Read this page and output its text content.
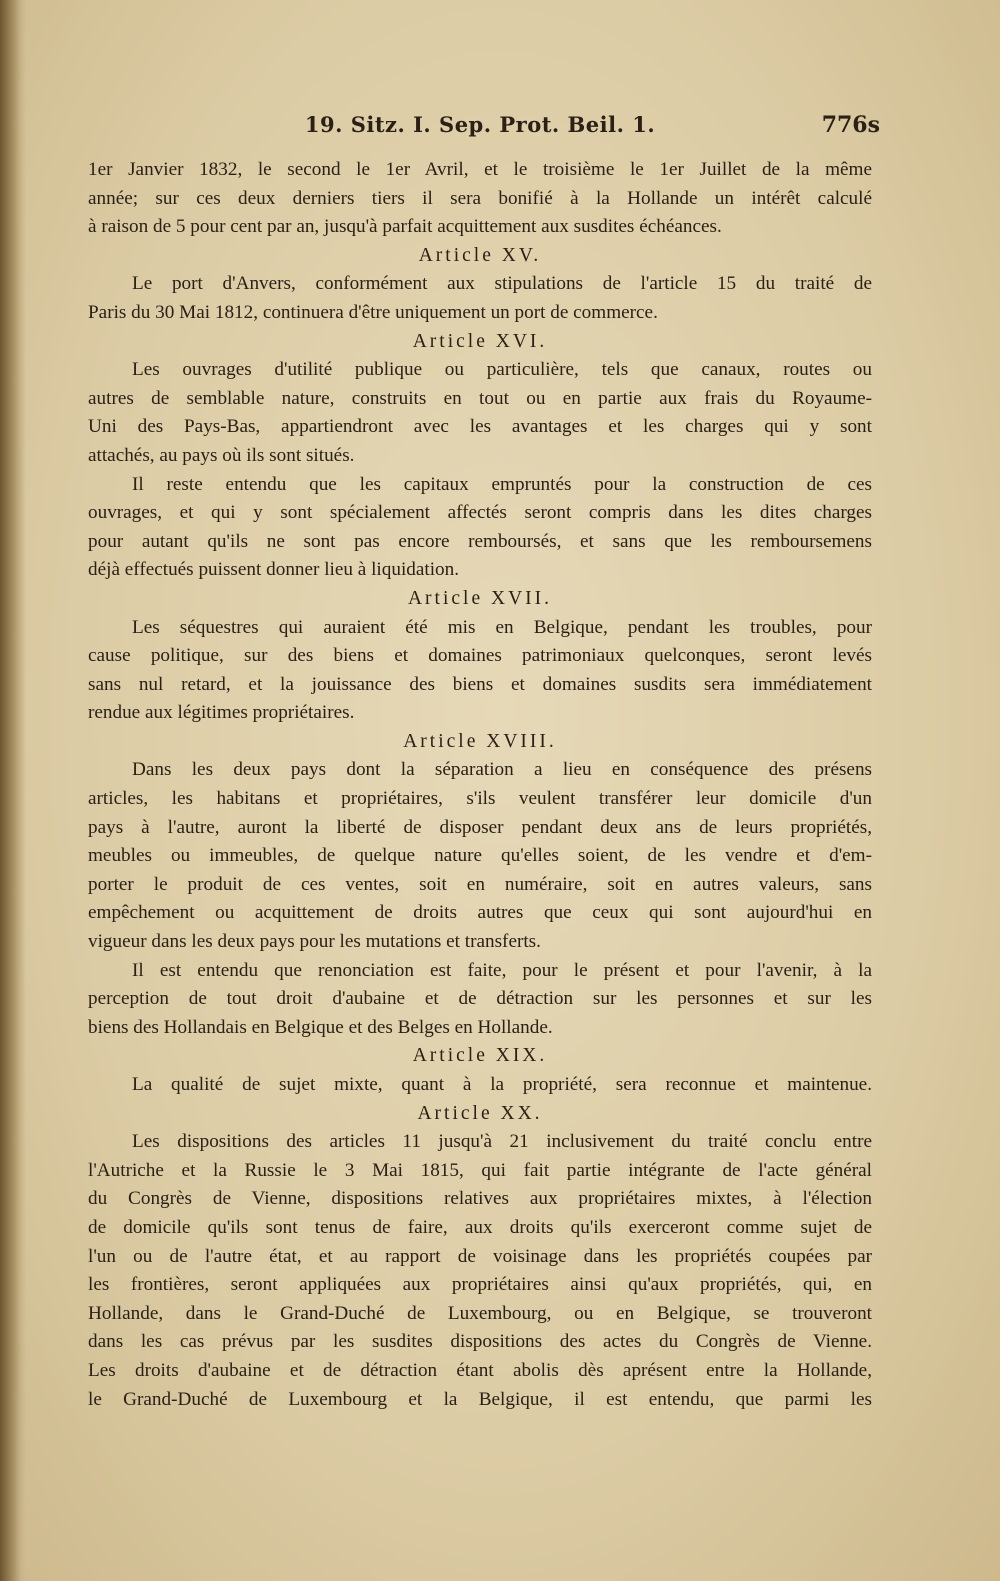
19. Sitz. I. Sep. Prot. Beil. 1.	776s
1er Janvier 1832, le second le 1er Avril, et le troisième le 1er Juillet de la même
année; sur ces deux derniers tiers il sera bonifié à la Hollande un intérêt calculé
à raison de 5 pour cent par an, jusqu'à parfait acquittement aux susdites échéances.
Article XV.
Le port d'Anvers, conformément aux stipulations de l'article 15 du traité de
Paris du 30 Mai 1812, continuera d'être uniquement un port de commerce.
Article XVI.
Les ouvrages d'utilité publique ou particulière, tels que canaux, routes ou
autres de semblable nature, construits en tout ou en partie aux frais du Royaume-
Uni des Pays-Bas, appartiendront avec les avantages et les charges qui y sont
attachés, au pays où ils sont situés.
Il reste entendu que les capitaux empruntés pour la construction de ces
ouvrages, et qui y sont spécialement affectés seront compris dans les dites charges
pour autant qu'ils ne sont pas encore remboursés, et sans que les remboursemens
déjà effectués puissent donner lieu à liquidation.
Article XVII.
Les séquestres qui auraient été mis en Belgique, pendant les troubles, pour
cause politique, sur des biens et domaines patrimoniaux quelconques, seront levés
sans nul retard, et la jouissance des biens et domaines susdits sera immédiatement
rendue aux légitimes propriétaires.
Article XVIII.
Dans les deux pays dont la séparation a lieu en conséquence des présens
articles, les habitans et propriétaires, s'ils veulent transférer leur domicile d'un
pays à l'autre, auront la liberté de disposer pendant deux ans de leurs propriétés,
meubles ou immeubles, de quelque nature qu'elles soient, de les vendre et d'em-
porter le produit de ces ventes, soit en numéraire, soit en autres valeurs, sans
empêchement ou acquittement de droits autres que ceux qui sont aujourd'hui en
vigueur dans les deux pays pour les mutations et transferts.
Il est entendu que renonciation est faite, pour le présent et pour l'avenir, à la
perception de tout droit d'aubaine et de détraction sur les personnes et sur les
biens des Hollandais en Belgique et des Belges en Hollande.
Article XIX.
La qualité de sujet mixte, quant à la propriété, sera reconnue et maintenue.
Article XX.
Les dispositions des articles 11 jusqu'à 21 inclusivement du traité conclu entre
l'Autriche et la Russie le 3 Mai 1815, qui fait partie intégrante de l'acte général
du Congrès de Vienne, dispositions relatives aux propriétaires mixtes, à l'élection
de domicile qu'ils sont tenus de faire, aux droits qu'ils exerceront comme sujet de
l'un ou de l'autre état, et au rapport de voisinage dans les propriétés coupées par
les frontières, seront appliquées aux propriétaires ainsi qu'aux propriétés, qui, en
Hollande, dans le Grand-Duché de Luxembourg, ou en Belgique, se trouveront
dans les cas prévus par les susdites dispositions des actes du Congrès de Vienne.
Les droits d'aubaine et de détraction étant abolis dès aprésent entre la Hollande,
le Grand-Duché de Luxembourg et la Belgique, il est entendu, que parmi les
